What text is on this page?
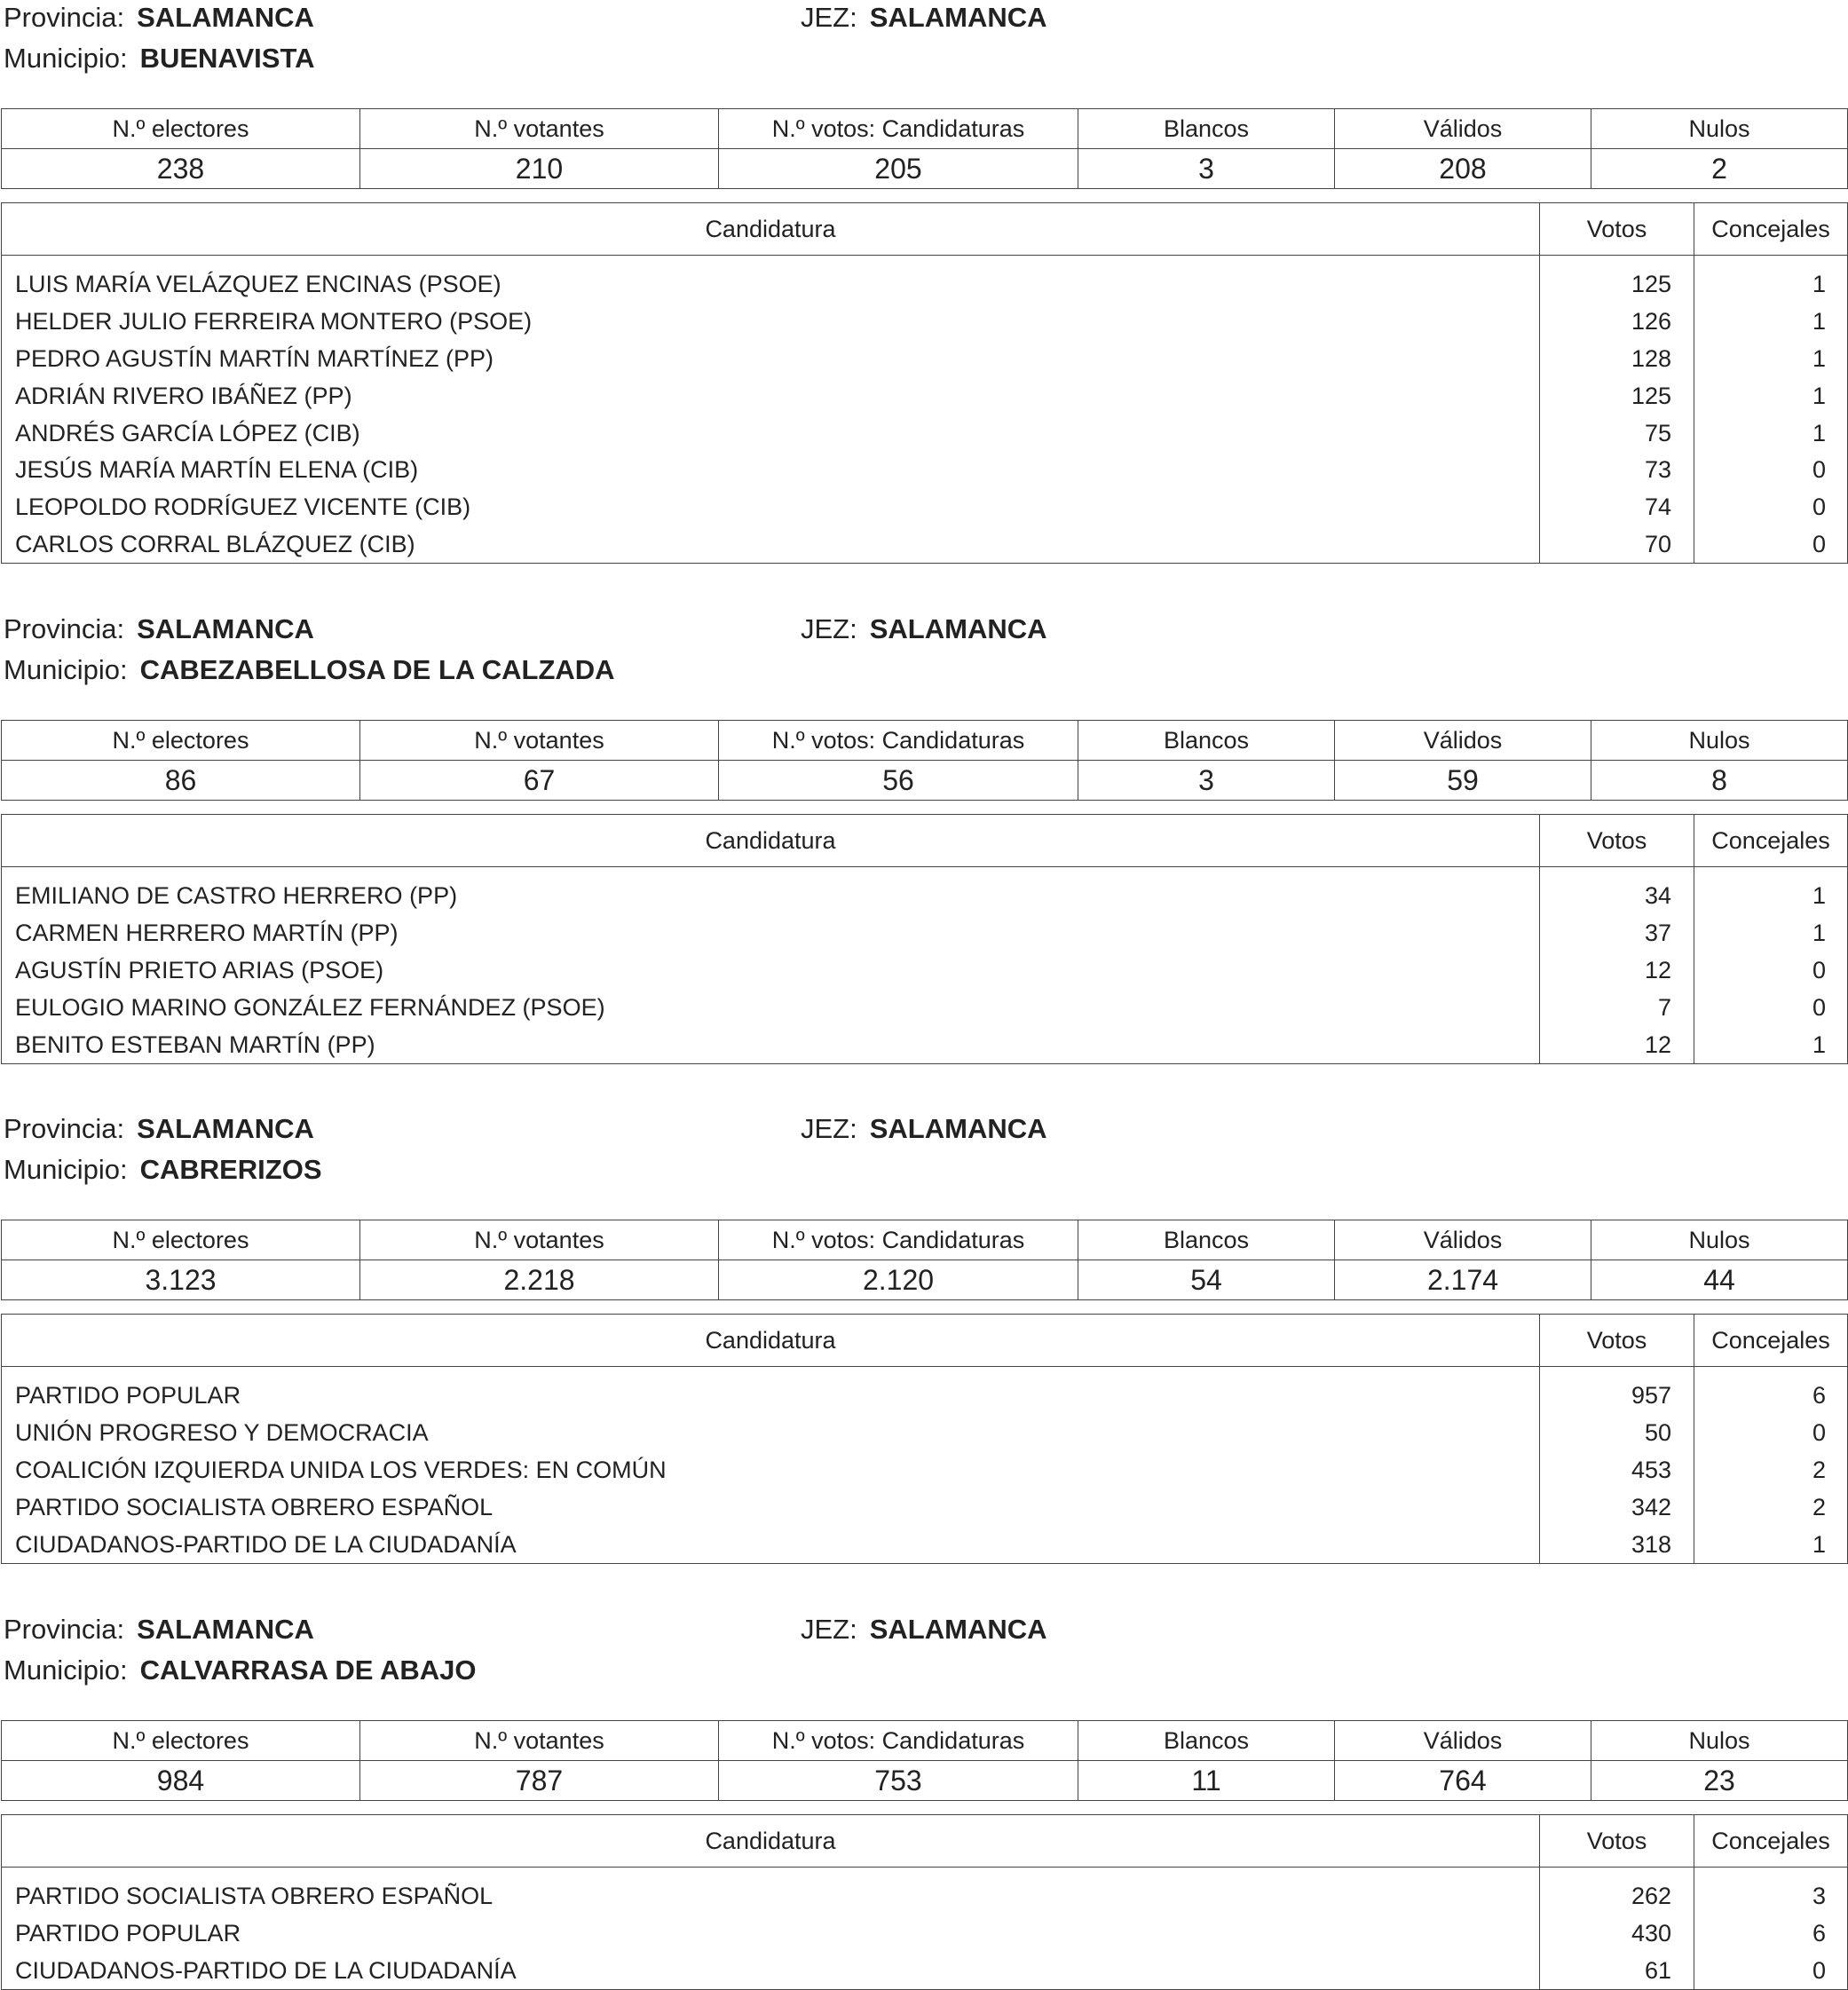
Provincia: SALAMANCA	JEZ: SALAMANCA
Municipio: BUENAVISTA
N.º electores	N.º votantes	N.º votos: Candidaturas	Blancos	Válidos	Nulos
238	210	205	3	208	2
Candidatura	Votos	Concejales
LUIS MARÍA VELÁZQUEZ ENCINAS (PSOE)	125	1
HELDER JULIO FERREIRA MONTERO (PSOE)	126	1
PEDRO AGUSTÍN MARTÍN MARTÍNEZ (PP)	128	1
ADRIÁN RIVERO IBÁÑEZ (PP)	125	1
ANDRÉS GARCÍA LÓPEZ (CIB)	75	1
JESÚS MARÍA MARTÍN ELENA (CIB)	73	0
LEOPOLDO RODRÍGUEZ VICENTE (CIB)	74	0
CARLOS CORRAL BLÁZQUEZ (CIB)	70	0
Provincia: SALAMANCA	JEZ: SALAMANCA
Municipio: CABEZABELLOSA DE LA CALZADA
N.º electores	N.º votantes	N.º votos: Candidaturas	Blancos	Válidos	Nulos
86	67	56	3	59	8
Candidatura	Votos	Concejales
EMILIANO DE CASTRO HERRERO (PP)	34	1
CARMEN HERRERO MARTÍN (PP)	37	1
AGUSTÍN PRIETO ARIAS (PSOE)	12	0
EULOGIO MARINO GONZÁLEZ FERNÁNDEZ (PSOE)	7	0
BENITO ESTEBAN MARTÍN (PP)	12	1
Provincia: SALAMANCA	JEZ: SALAMANCA
Municipio: CABRERIZOS
N.º electores	N.º votantes	N.º votos: Candidaturas	Blancos	Válidos	Nulos
3.123	2.218	2.120	54	2.174	44
Candidatura	Votos	Concejales
PARTIDO POPULAR	957	6
UNIÓN PROGRESO Y DEMOCRACIA	50	0
COALICIÓN IZQUIERDA UNIDA LOS VERDES: EN COMÚN	453	2
PARTIDO SOCIALISTA OBRERO ESPAÑOL	342	2
CIUDADANOS-PARTIDO DE LA CIUDADANÍA	318	1
Provincia: SALAMANCA	JEZ: SALAMANCA
Municipio: CALVARRASA DE ABAJO
N.º electores	N.º votantes	N.º votos: Candidaturas	Blancos	Válidos	Nulos
984	787	753	11	764	23
Candidatura	Votos	Concejales
PARTIDO SOCIALISTA OBRERO ESPAÑOL	262	3
PARTIDO POPULAR	430	6
CIUDADANOS-PARTIDO DE LA CIUDADANÍA	61	0
